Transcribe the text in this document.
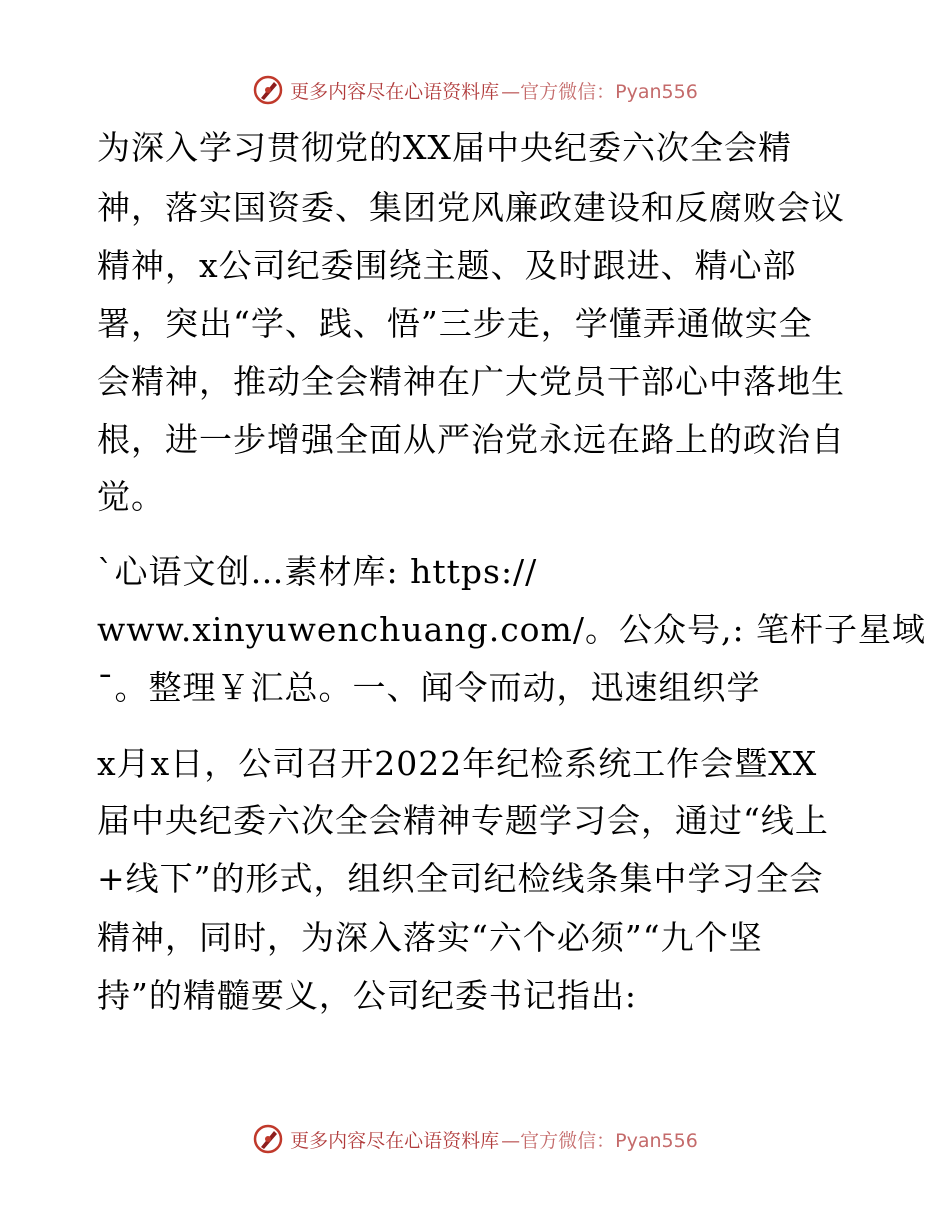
更多内容尽在心语资料库 —官方微信：Pyan556
为深入学习贯彻党的XX届中央纪委六次全会精
神，落实国资委、集团党风廉政建设和反腐败会议
精神，x公司纪委围绕主题、及时跟进、精心部
署，突出“学、践、悟”三步走，学懂弄通做实全
会精神，推动全会精神在广大党员干部心中落地生
根，进一步增强全面从严治党永远在路上的政治自
觉。
`心语文创…素材库: https://
www.xinyuwenchuang.com/。公众号,: 笔杆子星域
¯。整理￥汇总。一、闻令而动，迅速组织学
x月x日，公司召开2022年纪检系统工作会暨XX
届中央纪委六次全会精神专题学习会，通过“线上
+线下”的形式，组织全司纪检线条集中学习全会
精神，同时，为深入落实“六个必须”“九个坚
持”的精髓要义，公司纪委书记指出:
更多内容尽在心语资料库 —官方微信：Pyan556
